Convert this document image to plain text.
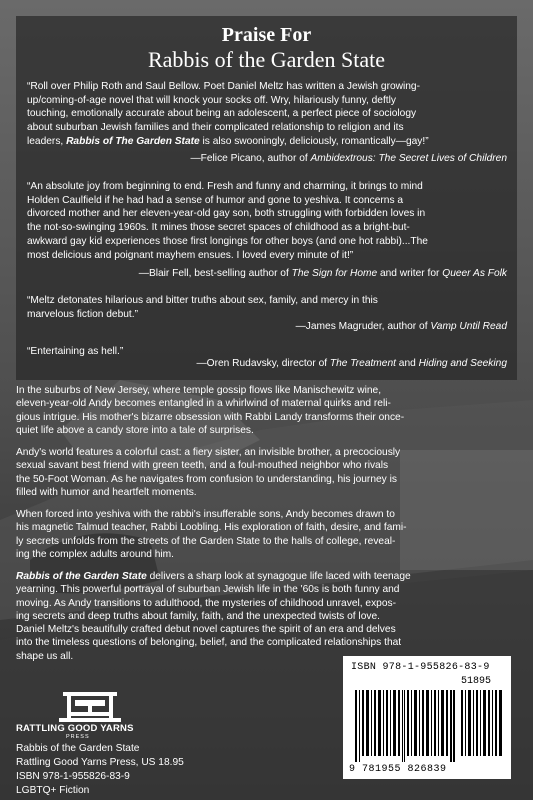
Praise For
Rabbis of the Garden State
“Roll over Philip Roth and Saul Bellow. Poet Daniel Meltz has written a Jewish growing-
up/coming-of-age novel that will knock your socks off. Wry, hilariously funny, deftly
touching, emotionally accurate about being an adolescent, a perfect piece of sociology
about suburban Jewish families and their complicated relationship to religion and its
leaders, Rabbis of The Garden State is also swooningly, deliciously, romantically—gay!”
—Felice Picano, author of Ambidextrous: The Secret Lives of Children
“An absolute joy from beginning to end. Fresh and funny and charming, it brings to mind
Holden Caulfield if he had had a sense of humor and gone to yeshiva. It concerns a
divorced mother and her eleven-year-old gay son, both struggling with forbidden loves in
the not-so-swinging 1960s. It mines those secret spaces of childhood as a bright-but-
awkward gay kid experiences those first longings for other boys (and one hot rabbi)...The
most delicious and poignant mayhem ensues. I loved every minute of it!”
—Blair Fell, best-selling author of The Sign for Home and writer for Queer As Folk
“Meltz detonates hilarious and bitter truths about sex, family, and mercy in this
marvelous fiction debut.”
—James Magruder, author of Vamp Until Read
“Entertaining as hell.”
—Oren Rudavsky, director of The Treatment and Hiding and Seeking
In the suburbs of New Jersey, where temple gossip flows like Manischewitz wine,
eleven-year-old Andy becomes entangled in a whirlwind of maternal quirks and reli-
gious intrigue. His mother's bizarre obsession with Rabbi Landy transforms their once-
quiet life above a candy store into a tale of surprises.
Andy's world features a colorful cast: a fiery sister, an invisible brother, a precociously
sexual savant best friend with green teeth, and a foul-mouthed neighbor who rivals
the 50-Foot Woman. As he navigates from confusion to understanding, his journey is
filled with humor and heartfelt moments.
When forced into yeshiva with the rabbi's insufferable sons, Andy becomes drawn to
his magnetic Talmud teacher, Rabbi Loobling. His exploration of faith, desire, and fami-
ly secrets unfolds from the streets of the Garden State to the halls of college, reveal-
ing the complex adults around him.
Rabbis of the Garden State delivers a sharp look at synagogue life laced with teenage
yearning. This powerful portrayal of suburban Jewish life in the '60s is both funny and
moving. As Andy transitions to adulthood, the mysteries of childhood unravel, expos-
ing secrets and deep truths about family, faith, and the unexpected twists of love.
Daniel Meltz's beautifully crafted debut novel captures the spirit of an era and delves
into the timeless questions of belonging, belief, and the complicated relationships that
shape us all.
RATTLING GOOD YARNS
PRESS
Rabbis of the Garden State
Rattling Good Yarns Press, US 18.95
ISBN 978-1-955826-83-9
LGBTQ+ Fiction
ISBN 978-1-955826-83-9
51895
9 781955 826839
